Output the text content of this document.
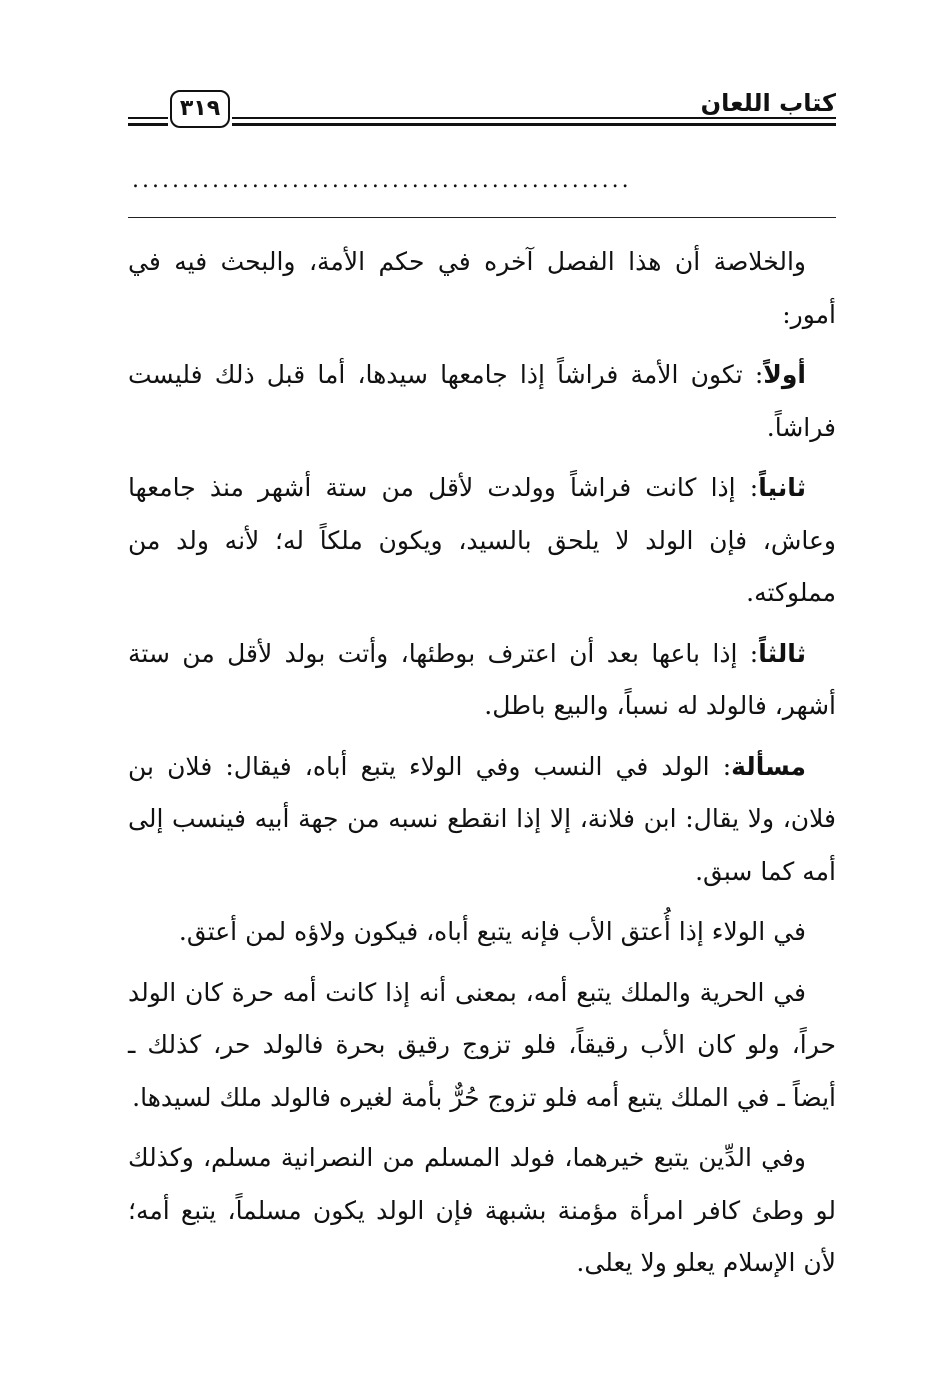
كتاب اللعان
٣١٩
..................................................

والخلاصة أن هذا الفصل آخره في حكم الأمة، والبحث فيه في أمور:

أولاً: تكون الأمة فراشاً إذا جامعها سيدها، أما قبل ذلك فليست فراشاً.

ثانياً: إذا كانت فراشاً وولدت لأقل من ستة أشهر منذ جامعها وعاش، فإن الولد لا يلحق بالسيد، ويكون ملكاً له؛ لأنه ولد من مملوكته.

ثالثاً: إذا باعها بعد أن اعترف بوطئها، وأتت بولد لأقل من ستة أشهر، فالولد له نسباً، والبيع باطل.

مسألة: الولد في النسب وفي الولاء يتبع أباه، فيقال: فلان بن فلان، ولا يقال: ابن فلانة، إلا إذا انقطع نسبه من جهة أبيه فينسب إلى أمه كما سبق.

في الولاء إذا أُعتق الأب فإنه يتبع أباه، فيكون ولاؤه لمن أعتق.

في الحرية والملك يتبع أمه، بمعنى أنه إذا كانت أمه حرة كان الولد حراً، ولو كان الأب رقيقاً، فلو تزوج رقيق بحرة فالولد حر، كذلك ـ أيضاً ـ في الملك يتبع أمه فلو تزوج حُرٌّ بأمة لغيره فالولد ملك لسيدها.

وفي الدِّين يتبع خيرهما، فولد المسلم من النصرانية مسلم، وكذلك لو وطئ كافر امرأة مؤمنة بشبهة فإن الولد يكون مسلماً، يتبع أمه؛ لأن الإسلام يعلو ولا يعلى.
